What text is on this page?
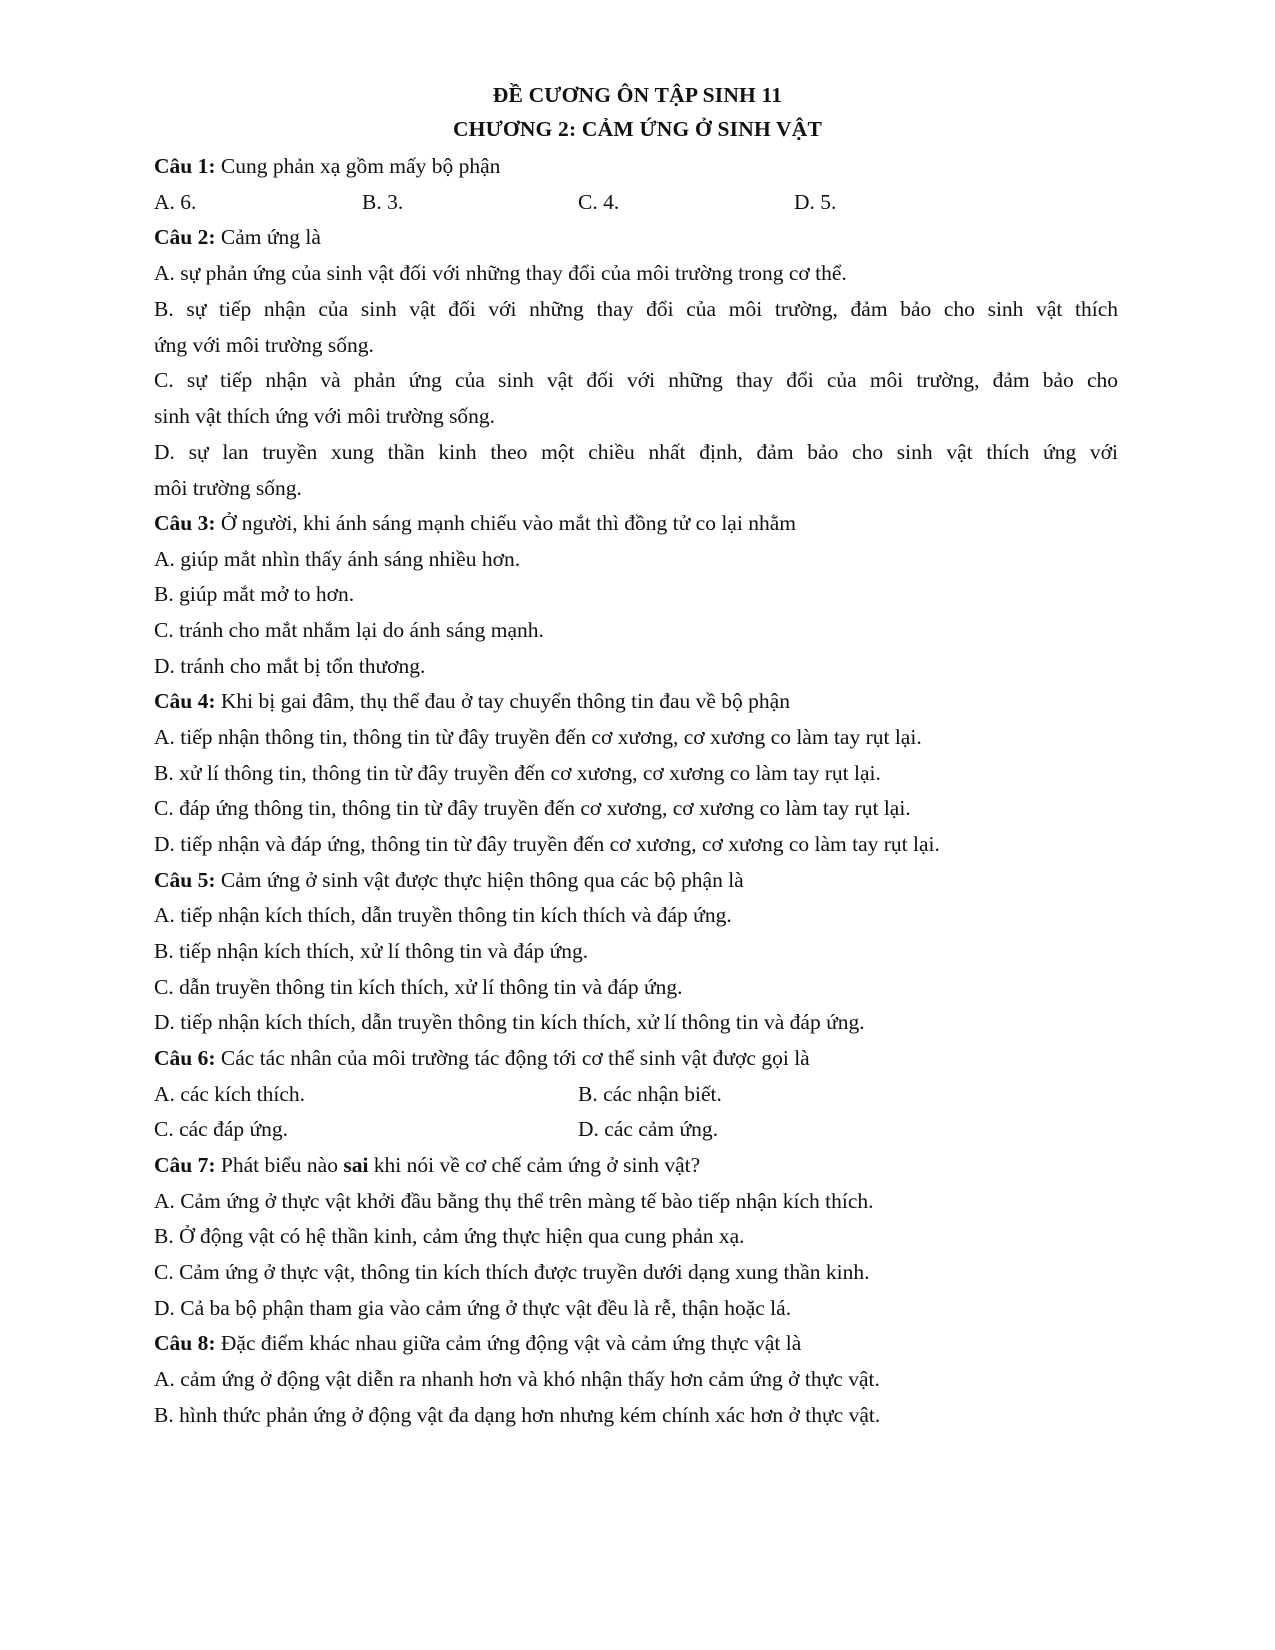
ĐỀ CƯƠNG ÔN TẬP SINH 11
CHƯƠNG 2: CẢM ỨNG Ở SINH VẬT
Câu 1: Cung phản xạ gồm mấy bộ phận
A. 6.	B. 3.	C. 4.	D. 5.
Câu 2: Cảm ứng là
A. sự phản ứng của sinh vật đối với những thay đổi của môi trường trong cơ thể.
B. sự tiếp nhận của sinh vật đối với những thay đổi của môi trường, đảm bảo cho sinh vật thích
ứng với môi trường sống.
C. sự tiếp nhận và phản ứng của sinh vật đối với những thay đổi của môi trường, đảm bảo cho
sinh vật thích ứng với môi trường sống.
D. sự lan truyền xung thần kinh theo một chiều nhất định, đảm bảo cho sinh vật thích ứng với
môi trường sống.
Câu 3: Ở người, khi ánh sáng mạnh chiếu vào mắt thì đồng tử co lại nhằm
A. giúp mắt nhìn thấy ánh sáng nhiều hơn.
B. giúp mắt mở to hơn.
C. tránh cho mắt nhắm lại do ánh sáng mạnh.
D. tránh cho mắt bị tổn thương.
Câu 4: Khi bị gai đâm, thụ thể đau ở tay chuyển thông tin đau về bộ phận
A. tiếp nhận thông tin, thông tin từ đây truyền đến cơ xương, cơ xương co làm tay rụt lại.
B. xử lí thông tin, thông tin từ đây truyền đến cơ xương, cơ xương co làm tay rụt lại.
C. đáp ứng thông tin, thông tin từ đây truyền đến cơ xương, cơ xương co làm tay rụt lại.
D. tiếp nhận và đáp ứng, thông tin từ đây truyền đến cơ xương, cơ xương co làm tay rụt lại.
Câu 5: Cảm ứng ở sinh vật được thực hiện thông qua các bộ phận là
A. tiếp nhận kích thích, dẫn truyền thông tin kích thích và đáp ứng.
B. tiếp nhận kích thích, xử lí thông tin và đáp ứng.
C. dẫn truyền thông tin kích thích, xử lí thông tin và đáp ứng.
D. tiếp nhận kích thích, dẫn truyền thông tin kích thích, xử lí thông tin và đáp ứng.
Câu 6: Các tác nhân của môi trường tác động tới cơ thể sinh vật được gọi là
A. các kích thích.	B. các nhận biết.
C. các đáp ứng.	D. các cảm ứng.
Câu 7: Phát biểu nào sai khi nói về cơ chế cảm ứng ở sinh vật?
A. Cảm ứng ở thực vật khởi đầu bằng thụ thể trên màng tế bào tiếp nhận kích thích.
B. Ở động vật có hệ thần kinh, cảm ứng thực hiện qua cung phản xạ.
C. Cảm ứng ở thực vật, thông tin kích thích được truyền dưới dạng xung thần kinh.
D. Cả ba bộ phận tham gia vào cảm ứng ở thực vật đều là rễ, thận hoặc lá.
Câu 8: Đặc điểm khác nhau giữa cảm ứng động vật và cảm ứng thực vật là
A. cảm ứng ở động vật diễn ra nhanh hơn và khó nhận thấy hơn cảm ứng ở thực vật.
B. hình thức phản ứng ở động vật đa dạng hơn nhưng kém chính xác hơn ở thực vật.
